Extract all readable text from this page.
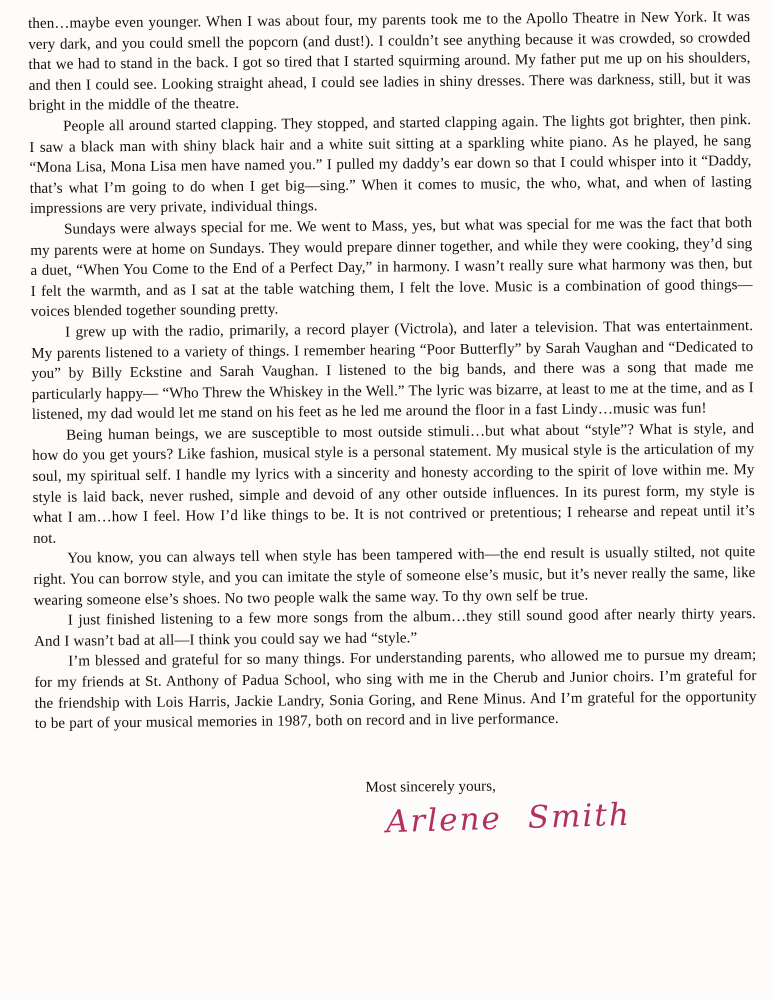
then…maybe even younger. When I was about four, my parents took me to the Apollo Theatre in New York. It was very dark, and you could smell the popcorn (and dust!). I couldn’t see anything because it was crowded, so crowded that we had to stand in the back. I got so tired that I started squirming around. My father put me up on his shoulders, and then I could see. Looking straight ahead, I could see ladies in shiny dresses. There was darkness, still, but it was bright in the middle of the theatre.

People all around started clapping. They stopped, and started clapping again. The lights got brighter, then pink. I saw a black man with shiny black hair and a white suit sitting at a sparkling white piano. As he played, he sang “Mona Lisa, Mona Lisa men have named you.” I pulled my daddy’s ear down so that I could whisper into it “Daddy, that’s what I’m going to do when I get big—sing.” When it comes to music, the who, what, and when of lasting impressions are very private, individual things.

Sundays were always special for me. We went to Mass, yes, but what was special for me was the fact that both my parents were at home on Sundays. They would prepare dinner together, and while they were cooking, they’d sing a duet, “When You Come to the End of a Perfect Day,” in harmony. I wasn’t really sure what harmony was then, but I felt the warmth, and as I sat at the table watching them, I felt the love. Music is a combination of good things—voices blended together sounding pretty.

I grew up with the radio, primarily, a record player (Victrola), and later a television. That was entertainment. My parents listened to a variety of things. I remember hearing “Poor Butterfly” by Sarah Vaughan and “Dedicated to you” by Billy Eckstine and Sarah Vaughan. I listened to the big bands, and there was a song that made me particularly happy— “Who Threw the Whiskey in the Well.” The lyric was bizarre, at least to me at the time, and as I listened, my dad would let me stand on his feet as he led me around the floor in a fast Lindy…music was fun!

Being human beings, we are susceptible to most outside stimuli…but what about “style”? What is style, and how do you get yours? Like fashion, musical style is a personal statement. My musical style is the articulation of my soul, my spiritual self. I handle my lyrics with a sincerity and honesty according to the spirit of love within me. My style is laid back, never rushed, simple and devoid of any other outside influences. In its purest form, my style is what I am…how I feel. How I’d like things to be. It is not contrived or pretentious; I rehearse and repeat until it’s not.

You know, you can always tell when style has been tampered with—the end result is usually stilted, not quite right. You can borrow style, and you can imitate the style of someone else’s music, but it’s never really the same, like wearing someone else’s shoes. No two people walk the same way. To thy own self be true.

I just finished listening to a few more songs from the album…they still sound good after nearly thirty years. And I wasn’t bad at all—I think you could say we had “style.”

I’m blessed and grateful for so many things. For understanding parents, who allowed me to pursue my dream; for my friends at St. Anthony of Padua School, who sing with me in the Cherub and Junior choirs. I’m grateful for the friendship with Lois Harris, Jackie Landry, Sonia Goring, and Rene Minus. And I’m grateful for the opportunity to be part of your musical memories in 1987, both on record and in live performance.

Most sincerely yours,
Arlene Smith
